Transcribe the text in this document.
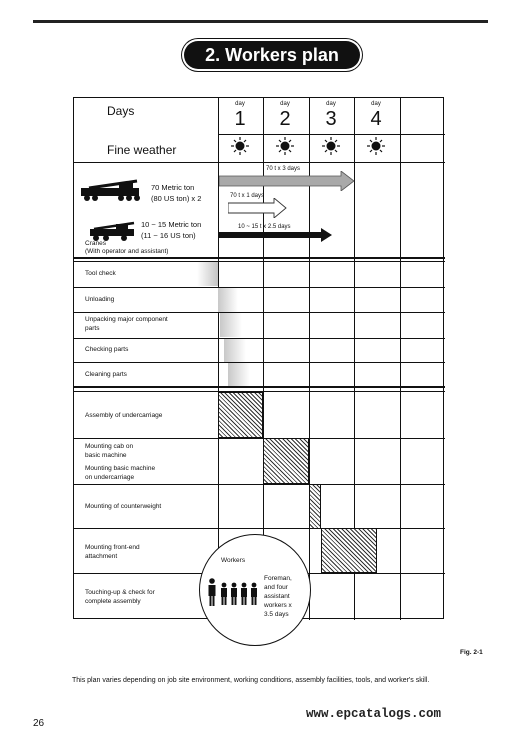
2. Workers plan
Days
Fine weather
day
1
day
2
day
3
day
4
70 Metric ton
(80 US ton) x 2
10 ~ 15 Metric ton
(11 ~ 16 US ton)
Cranes
(With operator and assistant)
70 t x 3 days
70 t x 1 days
10 ~ 15 t x 2.5 days
Tool check
Unloading
Unpacking major component
parts
Checking parts
Cleaning parts
Assembly of undercarriage
Mounting cab on
basic machine
Mounting basic machine
on undercarriage
Mounting of counterweight
Mounting front-end
attachment
Touching-up & check for
complete assembly
Workers
Foreman,
and four
assistant
workers x
3.5 days
Fig. 2-1
This plan varies depending on job site environment, working conditions, assembly facilities, tools, and worker's skill.
26
www.epcatalogs.com
